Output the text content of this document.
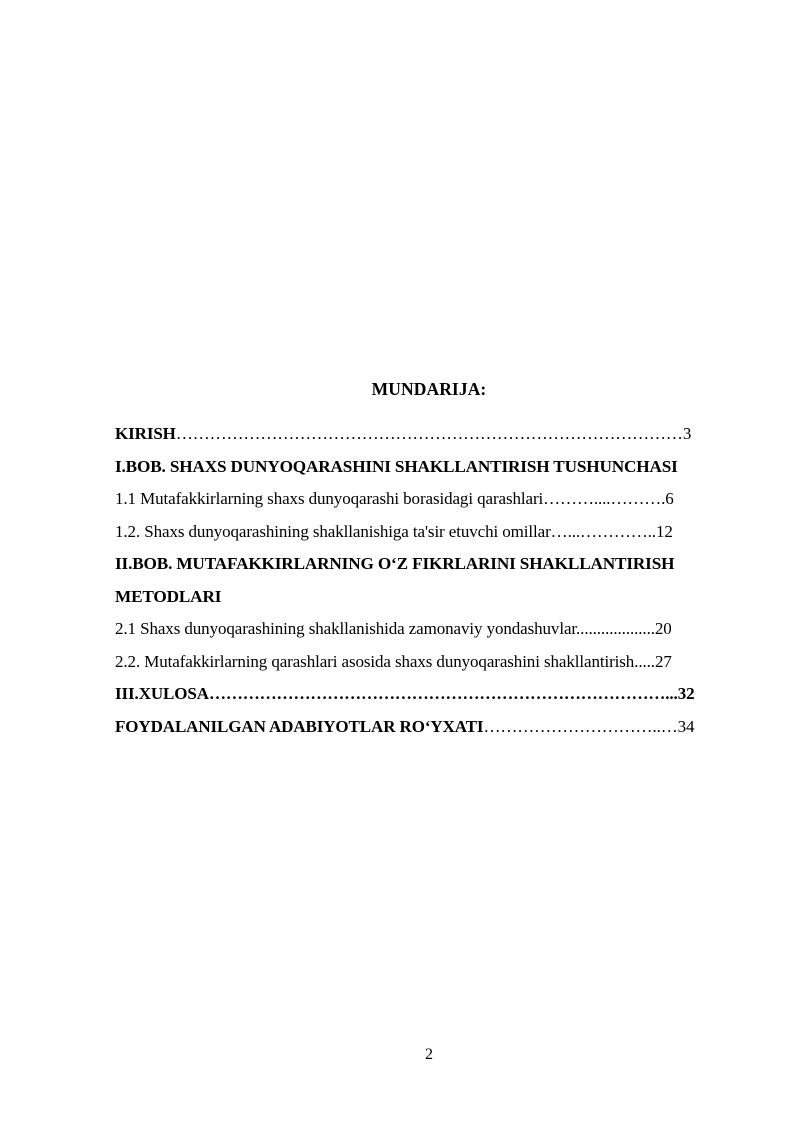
MUNDARIJA:
KIRISH………………………………………………………………………………3
I.BOB. SHAXS DUNYOQARASHINI SHAKLLANTIRISH TUSHUNCHASI
1.1 Mutafakkirlarning shaxs dunyoqarashi borasidagi qarashlari………....……….6
1.2. Shaxs dunyoqarashining shakllanishiga ta'sir etuvchi omillar…...…………..12
II.BOB. MUTAFAKKIRLARNING O‘Z FIKRLARINI SHAKLLANTIRISH
METODLARI
2.1 Shaxs dunyoqarashining shakllanishida zamonaviy yondashuvlar...................20
2.2. Mutafakkirlarning qarashlari asosida shaxs dunyoqarashini shakllantirish.....27
III.XULOSA………………………………………………………………………...32
FOYDALANILGAN ADABIYOTLAR RO‘YXATI…………………………..…34
2
